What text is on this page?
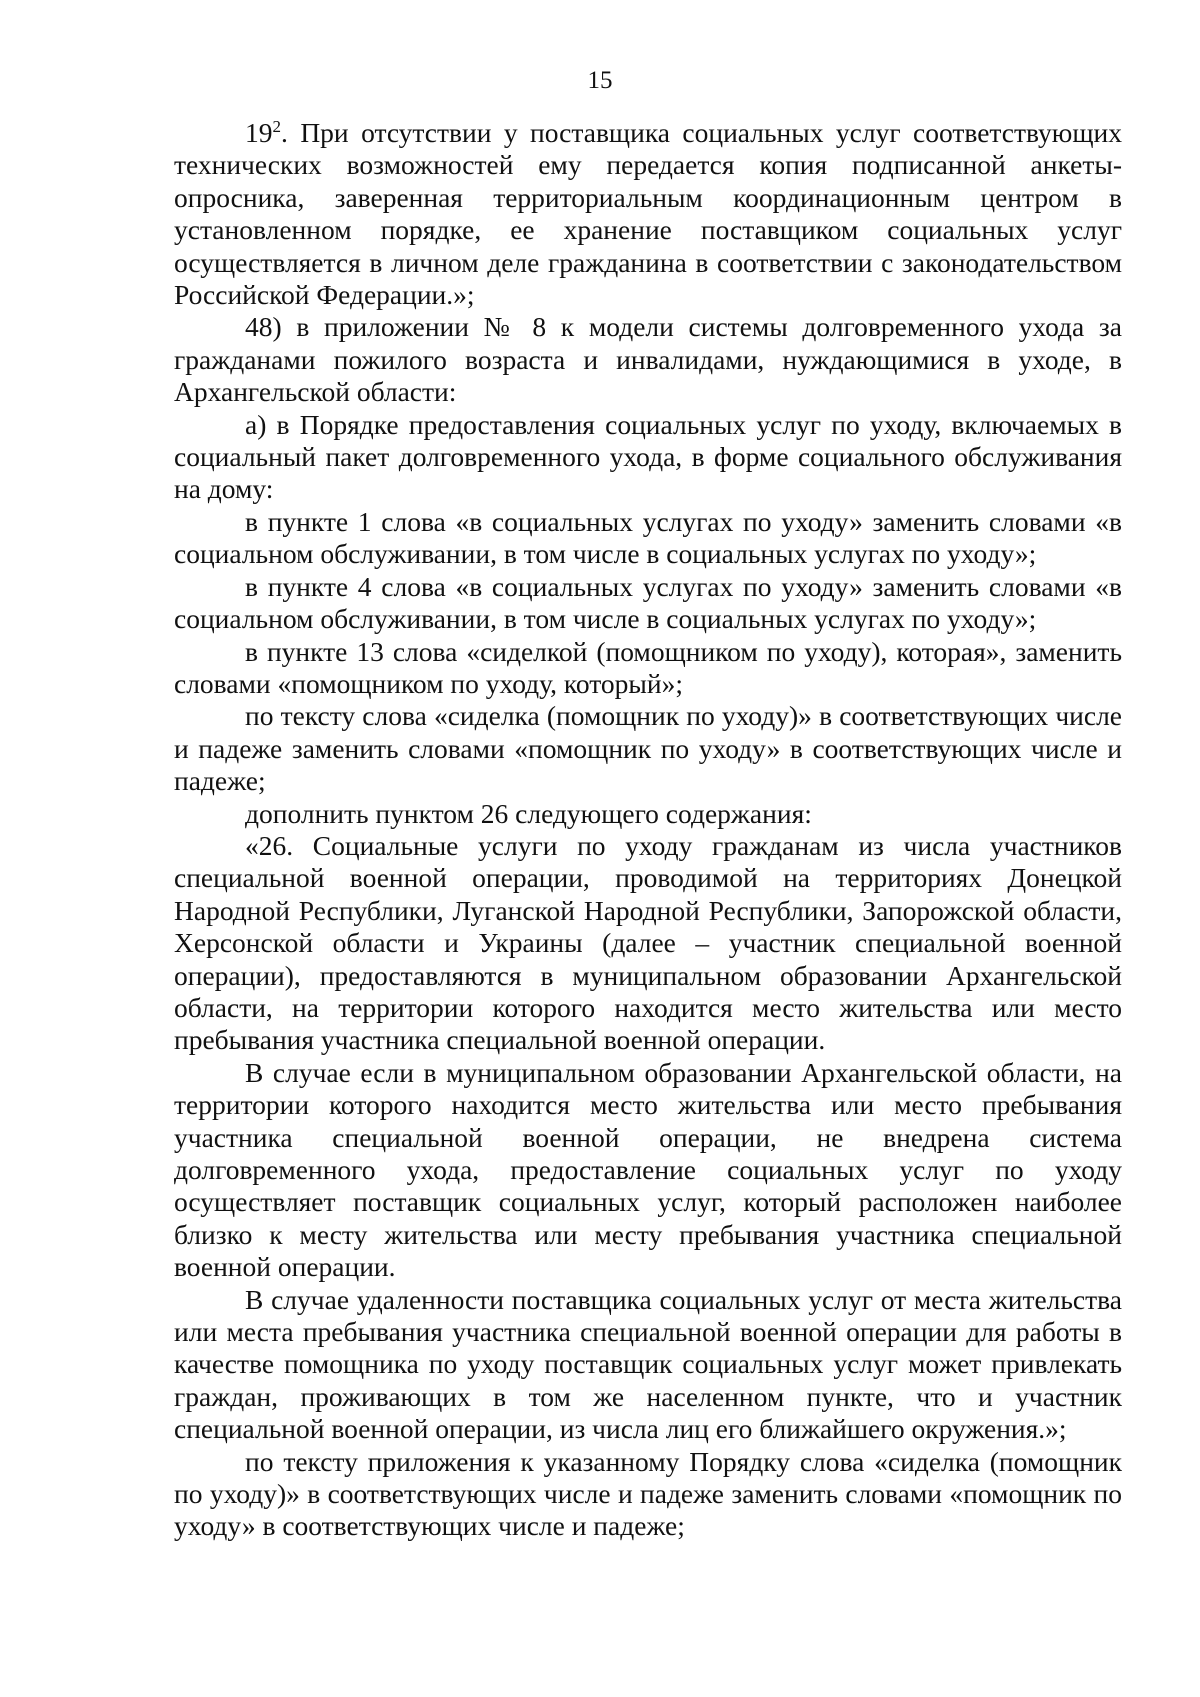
15

$19^2$. При отсутствии у поставщика социальных услуг соответствующих технических возможностей ему передается копия подписанной анкеты-опросника, заверенная территориальным координационным центром в установленном порядке, ее хранение поставщиком социальных услуг осуществляется в личном деле гражданина в соответствии с законодательством Российской Федерации.»;

48) в приложении № 8 к модели системы долговременного ухода за гражданами пожилого возраста и инвалидами, нуждающимися в уходе, в Архангельской области:

а) в Порядке предоставления социальных услуг по уходу, включаемых в социальный пакет долговременного ухода, в форме социального обслуживания на дому:

в пункте 1 слова «в социальных услугах по уходу» заменить словами «в социальном обслуживании, в том числе в социальных услугах по уходу»;

в пункте 4 слова «в социальных услугах по уходу» заменить словами «в социальном обслуживании, в том числе в социальных услугах по уходу»;

в пункте 13 слова «сиделкой (помощником по уходу), которая», заменить словами «помощником по уходу, который»;

по тексту слова «сиделка (помощник по уходу)» в соответствующих числе и падеже заменить словами «помощник по уходу» в соответствующих числе и падеже;

дополнить пунктом 26 следующего содержания:

«26. Социальные услуги по уходу гражданам из числа участников специальной военной операции, проводимой на территориях Донецкой Народной Республики, Луганской Народной Республики, Запорожской области, Херсонской области и Украины (далее – участник специальной военной операции), предоставляются в муниципальном образовании Архангельской области, на территории которого находится место жительства или место пребывания участника специальной военной операции.

В случае если в муниципальном образовании Архангельской области, на территории которого находится место жительства или место пребывания участника специальной военной операции, не внедрена система долговременного ухода, предоставление социальных услуг по уходу осуществляет поставщик социальных услуг, который расположен наиболее близко к месту жительства или месту пребывания участника специальной военной операции.

В случае удаленности поставщика социальных услуг от места жительства или места пребывания участника специальной военной операции для работы в качестве помощника по уходу поставщик социальных услуг может привлекать граждан, проживающих в том же населенном пункте, что и участник специальной военной операции, из числа лиц его ближайшего окружения.»;

по тексту приложения к указанному Порядку слова «сиделка (помощник по уходу)» в соответствующих числе и падеже заменить словами «помощник по уходу» в соответствующих числе и падеже;
